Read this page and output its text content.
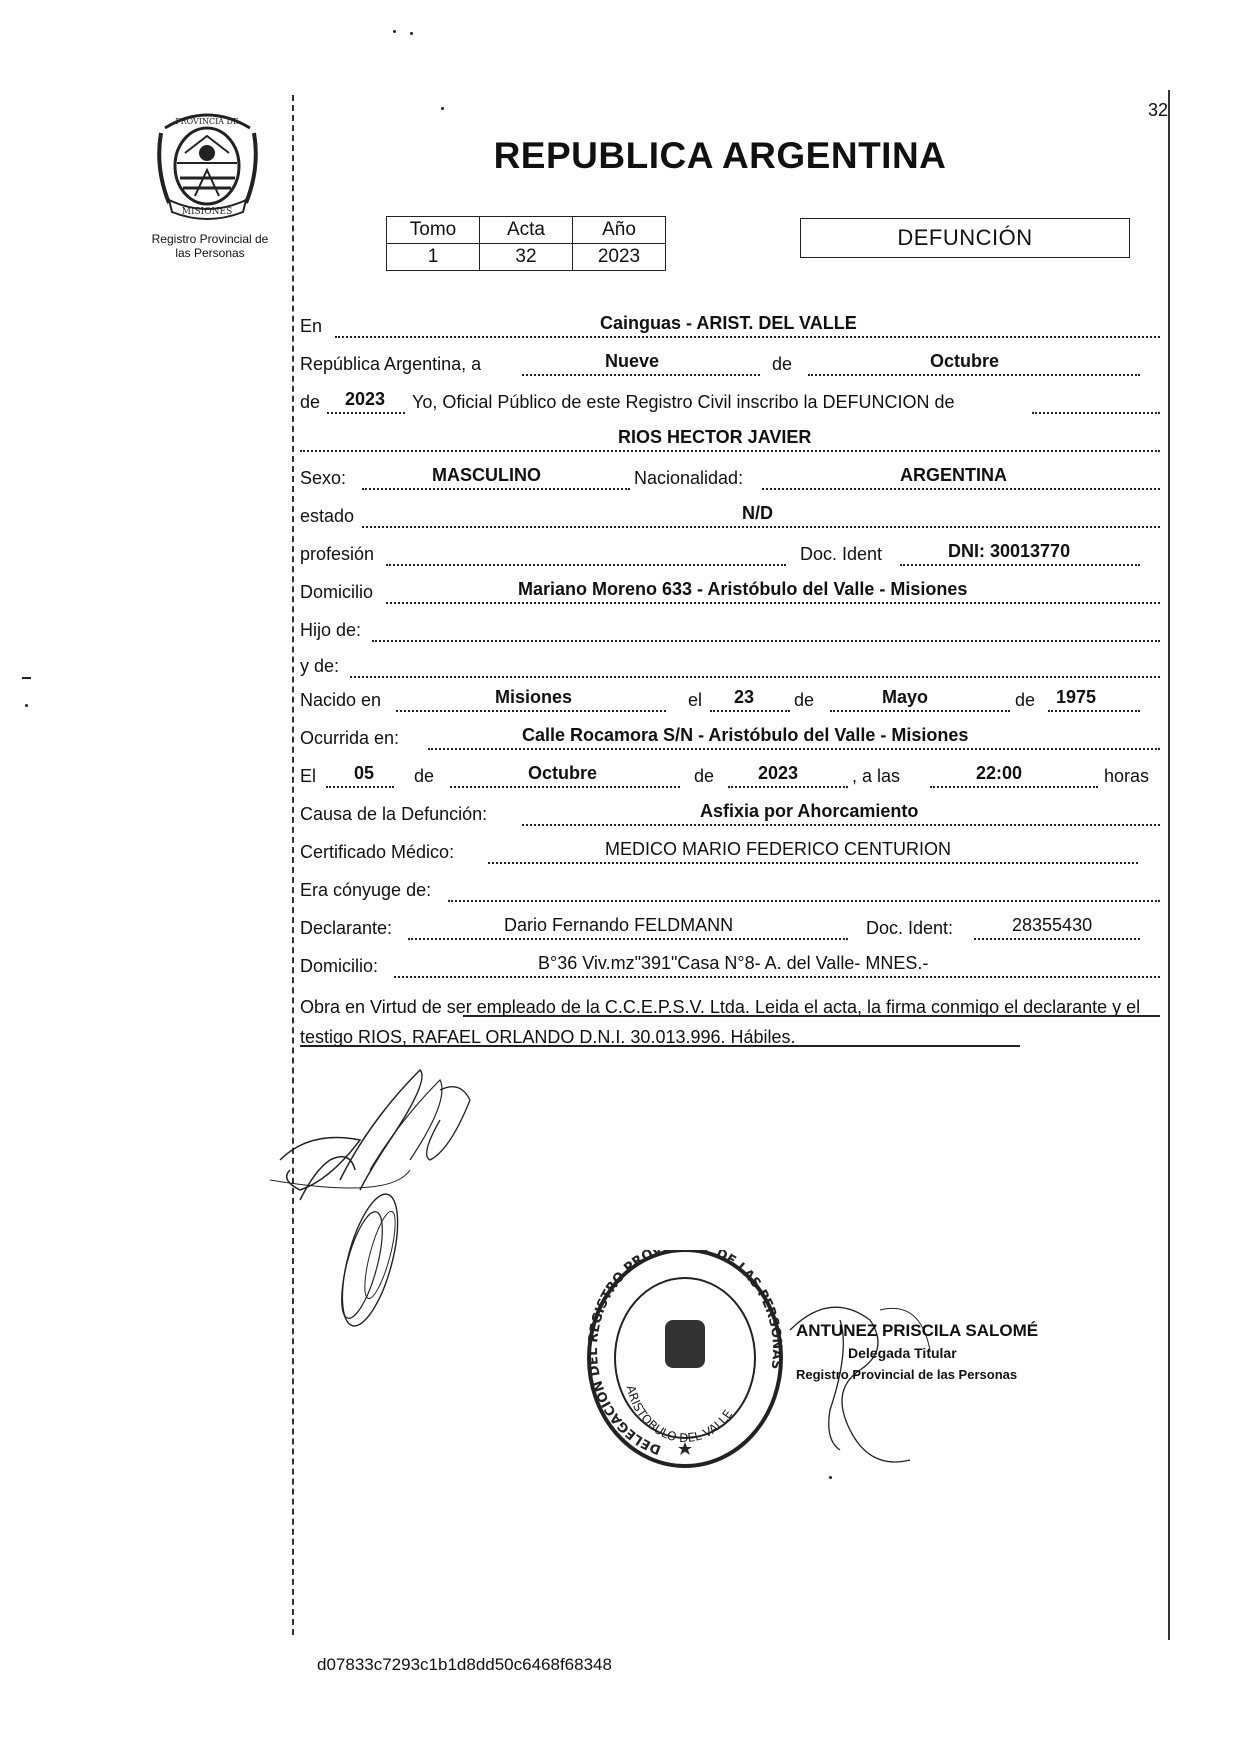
32
PROVINCIA DE
MISIONES
Registro Provincial de
las Personas
REPUBLICA ARGENTINA
Tomo	Acta	Año
1	32	2023
DEFUNCIÓN
En	Cainguas - ARIST. DEL VALLE
República Argentina, a	Nueve	de	Octubre
de 2023 Yo, Oficial Público de este Registro Civil inscribo la DEFUNCION de
RIOS HECTOR JAVIER
Sexo:	MASCULINO	Nacionalidad:	ARGENTINA
estado	N/D
profesión	Doc. Ident	DNI: 30013770
Domicilio	Mariano Moreno 633 - Aristóbulo del Valle - Misiones
Hijo de:
y de:
Nacido en	Misiones	el 23 de	Mayo	de 1975
Ocurrida en:	Calle Rocamora S/N - Aristóbulo del Valle - Misiones
El 05 de	Octubre	de 2023	, a las	22:00	horas
Causa de la Defunción:	Asfixia por Ahorcamiento
Certificado Médico:	MEDICO MARIO FEDERICO CENTURION
Era cónyuge de:
Declarante:	Dario Fernando FELDMANN	Doc. Ident:	28355430
Domicilio:	B°36 Viv.mz"391"Casa N°8- A. del Valle- MNES.-
Obra en Virtud de ser empleado de la C.C.E.P.S.V. Ltda. Leida el acta, la firma conmigo el declarante y el testigo RIOS, RAFAEL ORLANDO D.N.I. 30.013.996. Hábiles.
DELEGACION DEL REGISTRO PROV DE LAS PERSONAS
ARISTOBULO DEL VALLE
ANTUNEZ PRISCILA SALOMÉ
Delegada Titular
Registro Provincial de las Personas
d07833c7293c1b1d8dd50c6468f68348
